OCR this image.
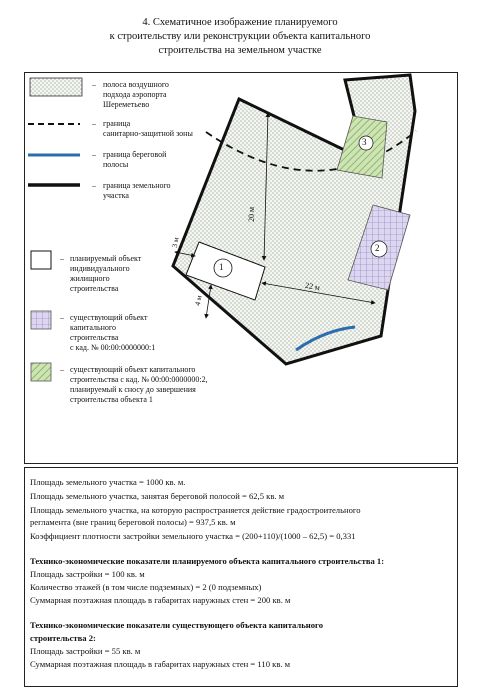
4. Схематичное изображение планируемого
к строительству или реконструкции объекта капитального
строительства на земельном участке
1
2
3
20 м
22 м
3 м
4 м
–
–
–
–
–
–
–
полоса воздушного
подхода аэропорта
Шереметьево
граница
санитарно-защитной зоны
граница береговой
полосы
граница земельного
участка
планируемый объект
индивидуального
жилищного
строительства
существующий объект
капитального
строительства
с кад. № 00:00:0000000:1
существующий объект капитального
строительства с кад. № 00:00:0000000:2,
планируемый к сносу до завершения
строительства объекта 1
Площадь земельного участка = 1000 кв. м.
Площадь земельного участка, занятая береговой полосой = 62,5 кв. м
Площадь земельного участка, на которую распространяется действие градостроительного
регламента (вне границ береговой полосы) = 937,5 кв. м
Коэффициент плотности застройки земельного участка = (200+110)/(1000 – 62,5) = 0,331
Технико-экономические показатели планируемого объекта капитального строительства 1:
Площадь застройки = 100 кв. м
Количество этажей (в том числе подземных) = 2 (0 подземных)
Суммарная поэтажная площадь в габаритах наружных стен = 200 кв. м
Технико-экономические показатели существующего объекта капитального
строительства 2:
Площадь застройки = 55 кв. м
Суммарная поэтажная площадь в габаритах наружных стен = 110 кв. м
